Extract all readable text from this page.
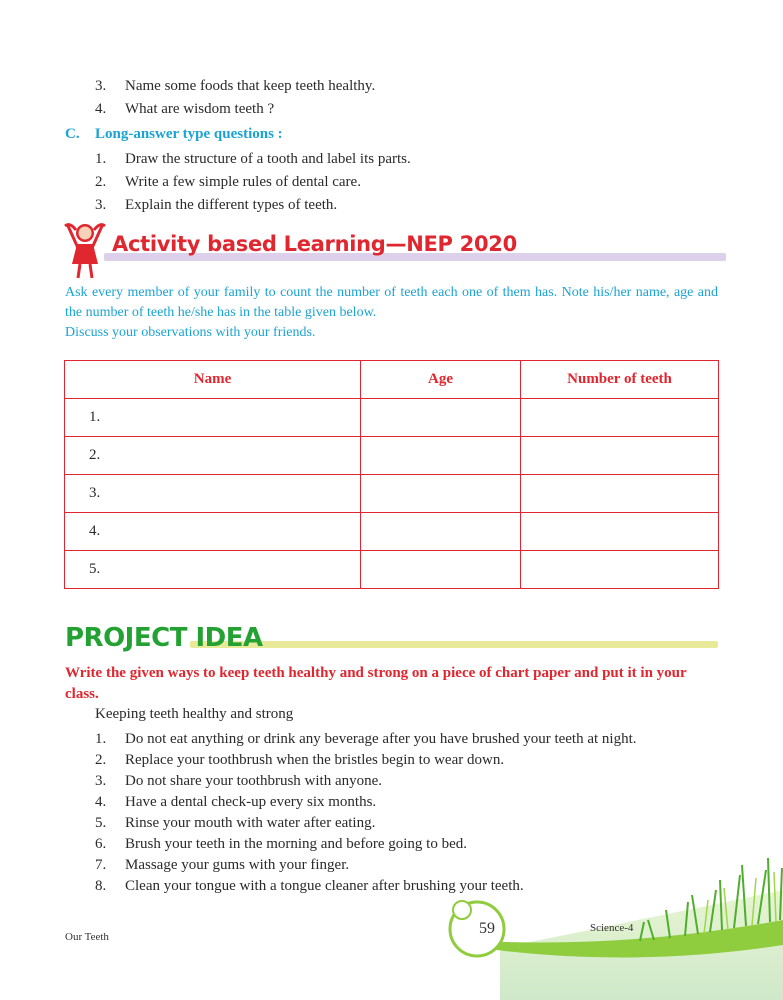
3. Name some foods that keep teeth healthy.
4. What are wisdom teeth ?
C. Long-answer type questions :
1. Draw the structure of a tooth and label its parts.
2. Write a few simple rules of dental care.
3. Explain the different types of teeth.
Activity based Learning—NEP 2020
Ask every member of your family to count the number of teeth each one of them has. Note his/her name, age and the number of teeth he/she has in the table given below.
Discuss your observations with your friends.
Name	Age	Number of teeth
1.		
2.		
3.		
4.		
5.		
PROJECT IDEA
Write the given ways to keep teeth healthy and strong on a piece of chart paper and put it in your class.
Keeping teeth healthy and strong
1. Do not eat anything or drink any beverage after you have brushed your teeth at night.
2. Replace your toothbrush when the bristles begin to wear down.
3. Do not share your toothbrush with anyone.
4. Have a dental check-up every six months.
5. Rinse your mouth with water after eating.
6. Brush your teeth in the morning and before going to bed.
7. Massage your gums with your finger.
8. Clean your tongue with a tongue cleaner after brushing your teeth.
Our Teeth	59	Science-4
